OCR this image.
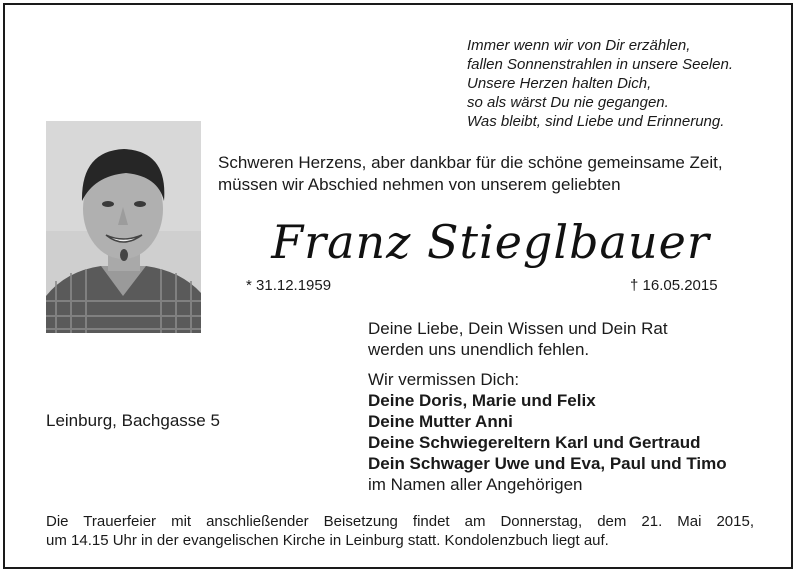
Immer wenn wir von Dir erzählen,
fallen Sonnenstrahlen in unsere Seelen.
Unsere Herzen halten Dich,
so als wärst Du nie gegangen.
Was bleibt, sind Liebe und Erinnerung.
Schweren Herzens, aber dankbar für die schöne gemeinsame Zeit,
müssen wir Abschied nehmen von unserem geliebten
Franz Stieglbauer
* 31.12.1959	† 16.05.2015
Deine Liebe, Dein Wissen und Dein Rat
werden uns unendlich fehlen.
Leinburg, Bachgasse 5
Wir vermissen Dich:
Deine Doris, Marie und Felix
Deine Mutter Anni
Deine Schwiegereltern Karl und Gertraud
Dein Schwager Uwe und Eva, Paul und Timo
im Namen aller Angehörigen
Die Trauerfeier mit anschließender Beisetzung findet am Donnerstag, dem 21. Mai 2015,
um 14.15 Uhr in der evangelischen Kirche in Leinburg statt. Kondolenzbuch liegt auf.
